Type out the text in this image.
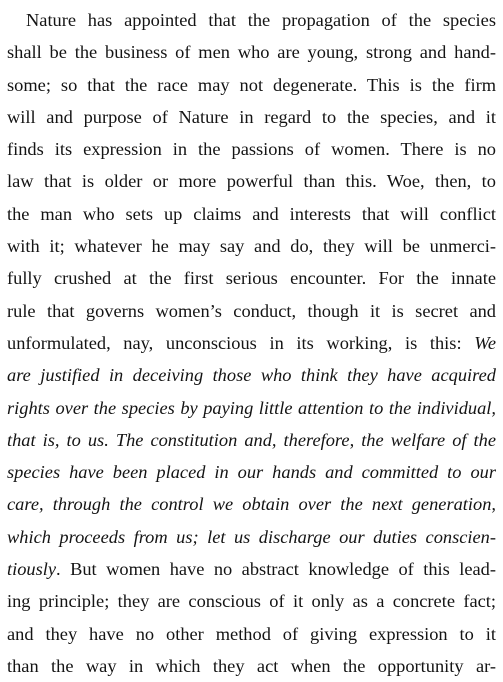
Nature has appointed that the propagation of the species
shall be the business of men who are young, strong and hand-
some; so that the race may not degenerate. This is the firm
will and purpose of Nature in regard to the species, and it
finds its expression in the passions of women. There is no
law that is older or more powerful than this. Woe, then, to
the man who sets up claims and interests that will conflict
with it; whatever he may say and do, they will be unmerci-
fully crushed at the first serious encounter. For the innate
rule that governs women’s conduct, though it is secret and
unformulated, nay, unconscious in its working, is this: We
are justified in deceiving those who think they have acquired
rights over the species by paying little attention to the individual,
that is, to us. The constitution and, therefore, the welfare of the
species have been placed in our hands and committed to our
care, through the control we obtain over the next generation,
which proceeds from us; let us discharge our duties conscien-
tiously. But women have no abstract knowledge of this lead-
ing principle; they are conscious of it only as a concrete fact;
and they have no other method of giving expression to it
than the way in which they act when the opportunity ar-
